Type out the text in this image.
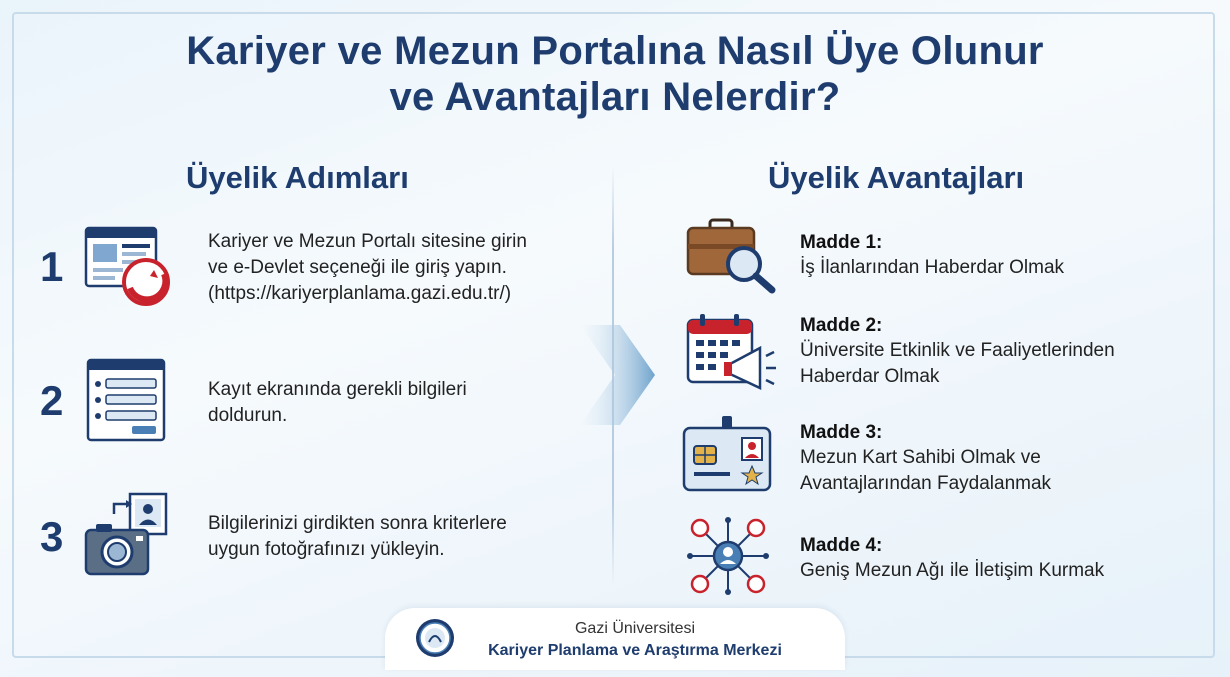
Kariyer ve Mezun Portalına Nasıl Üye Olunur
ve Avantajları Nelerdir?
Üyelik Adımları
1
Kariyer ve Mezun Portalı sitesine girin
ve e-Devlet seçeneği ile giriş yapın.
(https://kariyerplanlama.gazi.edu.tr/)
2	Kayıt ekranında gerekli bilgileri
doldurun.
3	Bilgilerinizi girdikten sonra kriterlere
uygun fotoğrafınızı yükleyin.
Üyelik Avantajları
Madde 1:
İş İlanlarından Haberdar Olmak
Madde 2:
Üniversite Etkinlik ve Faaliyetlerinden
Haberdar Olmak
Madde 3:
Mezun Kart Sahibi Olmak ve
Avantajlarından Faydalanmak
Madde 4:
Geniş Mezun Ağı ile İletişim Kurmak
Gazi Üniversitesi
Kariyer Planlama ve Araştırma Merkezi
